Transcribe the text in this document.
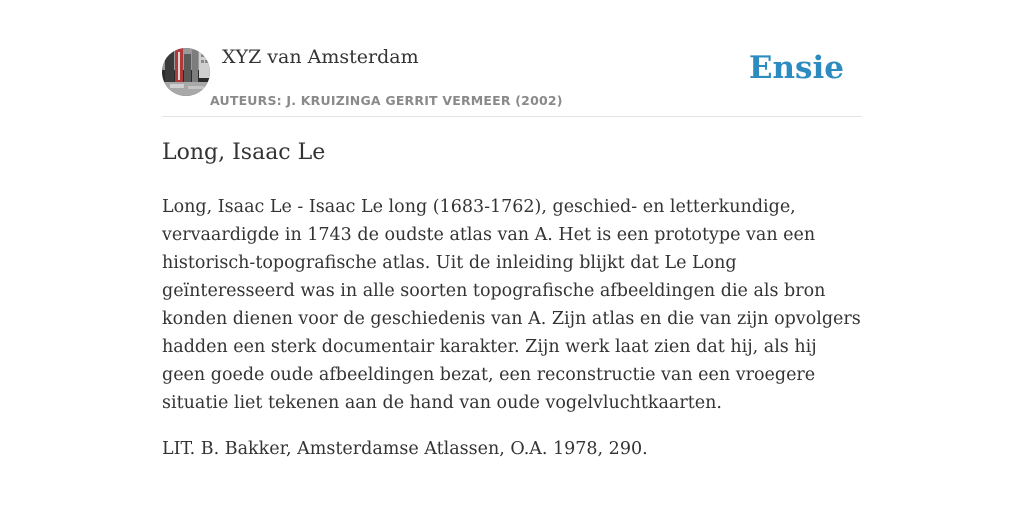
XYZ van Amsterdam
AUTEURS: J. KRUIZINGA GERRIT VERMEER (2002)
Ensie
Long, Isaac Le

Long, Isaac Le - Isaac Le long (1683-1762), geschied- en letterkundige, vervaardigde in 1743 de oudste atlas van A. Het is een prototype van een historisch-topografische atlas. Uit de inleiding blijkt dat Le Long geïnteresseerd was in alle soorten topografische afbeeldingen die als bron konden dienen voor de geschiedenis van A. Zijn atlas en die van zijn opvolgers hadden een sterk documentair karakter. Zijn werk laat zien dat hij, als hij geen goede oude afbeeldingen bezat, een reconstructie van een vroegere situatie liet tekenen aan de hand van oude vogelvluchtkaarten.

LIT. B. Bakker, Amsterdamse Atlassen, O.A. 1978, 290.
